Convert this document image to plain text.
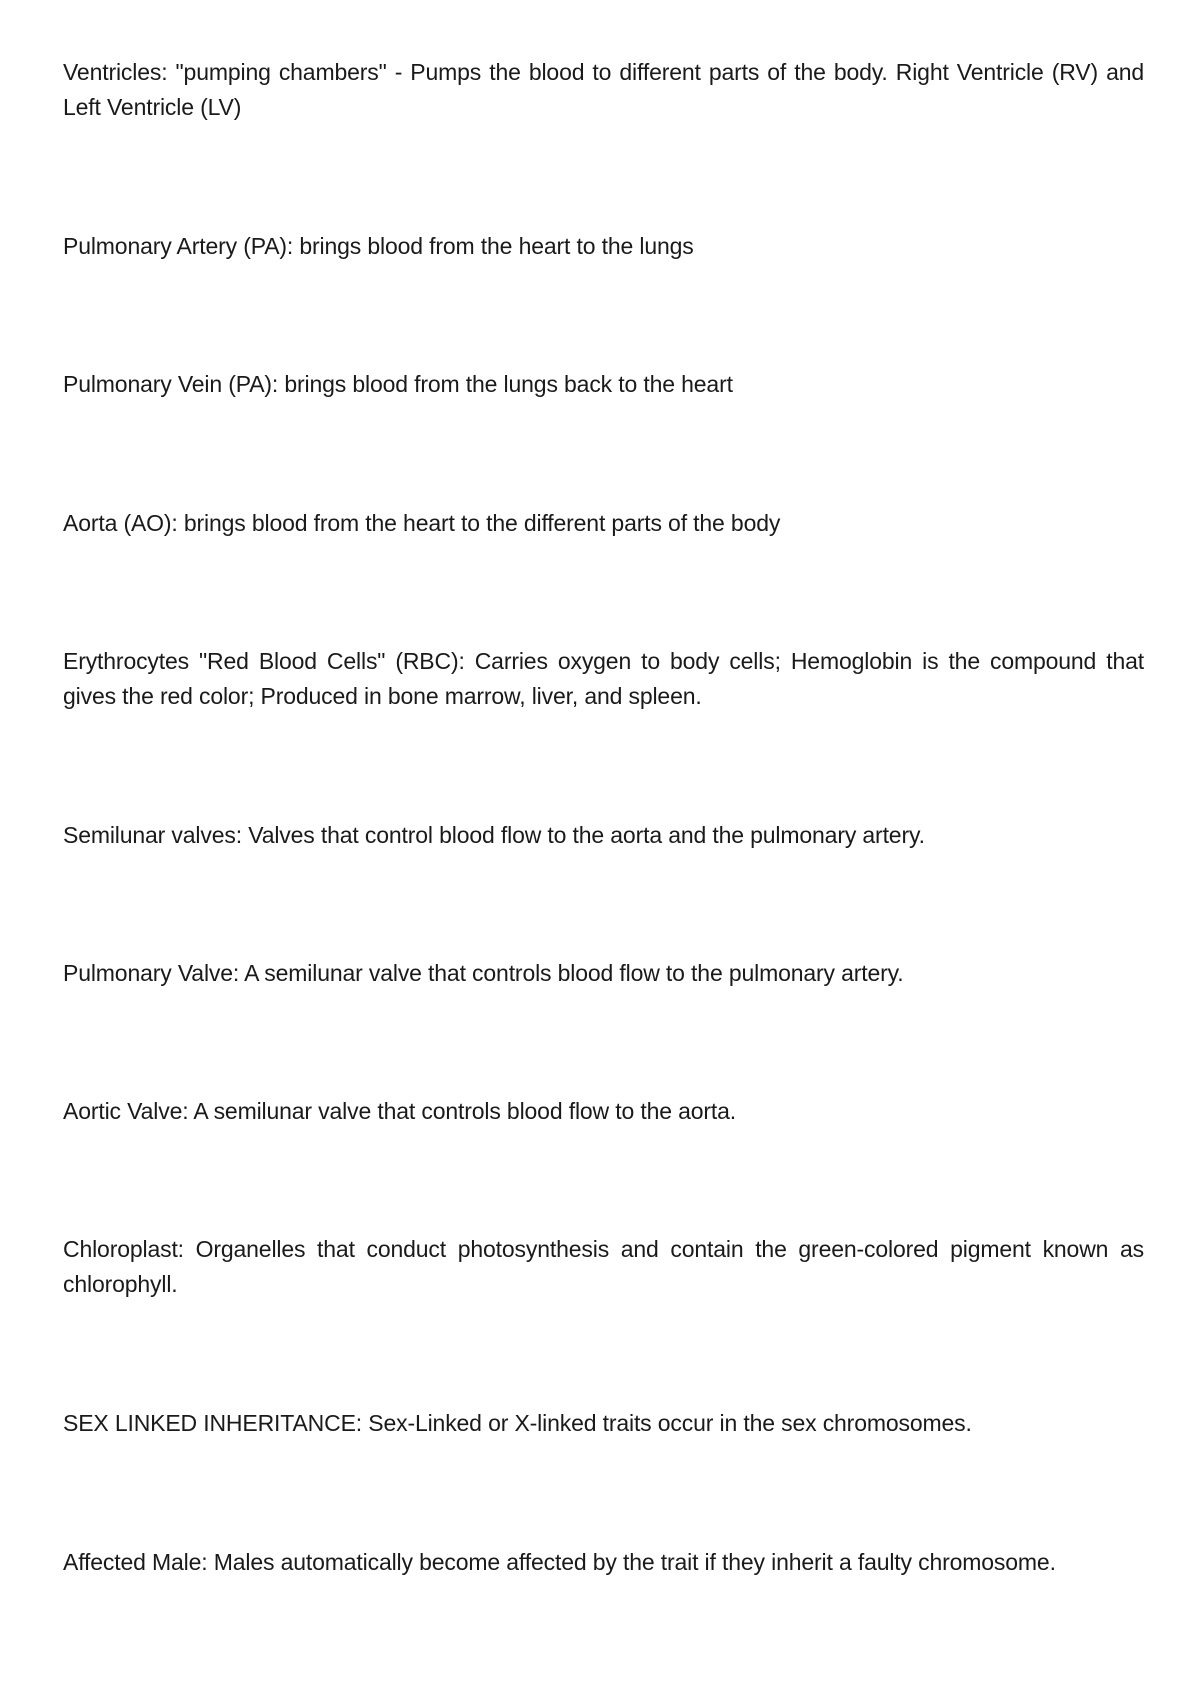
Ventricles: "pumping chambers" - Pumps the blood to different parts of the body. Right Ventricle (RV) and Left Ventricle (LV)

Pulmonary Artery (PA): brings blood from the heart to the lungs

Pulmonary Vein (PA): brings blood from the lungs back to the heart

Aorta (AO): brings blood from the heart to the different parts of the body

Erythrocytes "Red Blood Cells" (RBC): Carries oxygen to body cells; Hemoglobin is the compound that gives the red color; Produced in bone marrow, liver, and spleen.

Semilunar valves: Valves that control blood flow to the aorta and the pulmonary artery.

Pulmonary Valve: A semilunar valve that controls blood flow to the pulmonary artery.

Aortic Valve: A semilunar valve that controls blood flow to the aorta.

Chloroplast: Organelles that conduct photosynthesis and contain the green-colored pigment known as chlorophyll.

SEX LINKED INHERITANCE: Sex-Linked or X-linked traits occur in the sex chromosomes.

Affected Male: Males automatically become affected by the trait if they inherit a faulty chromosome.
